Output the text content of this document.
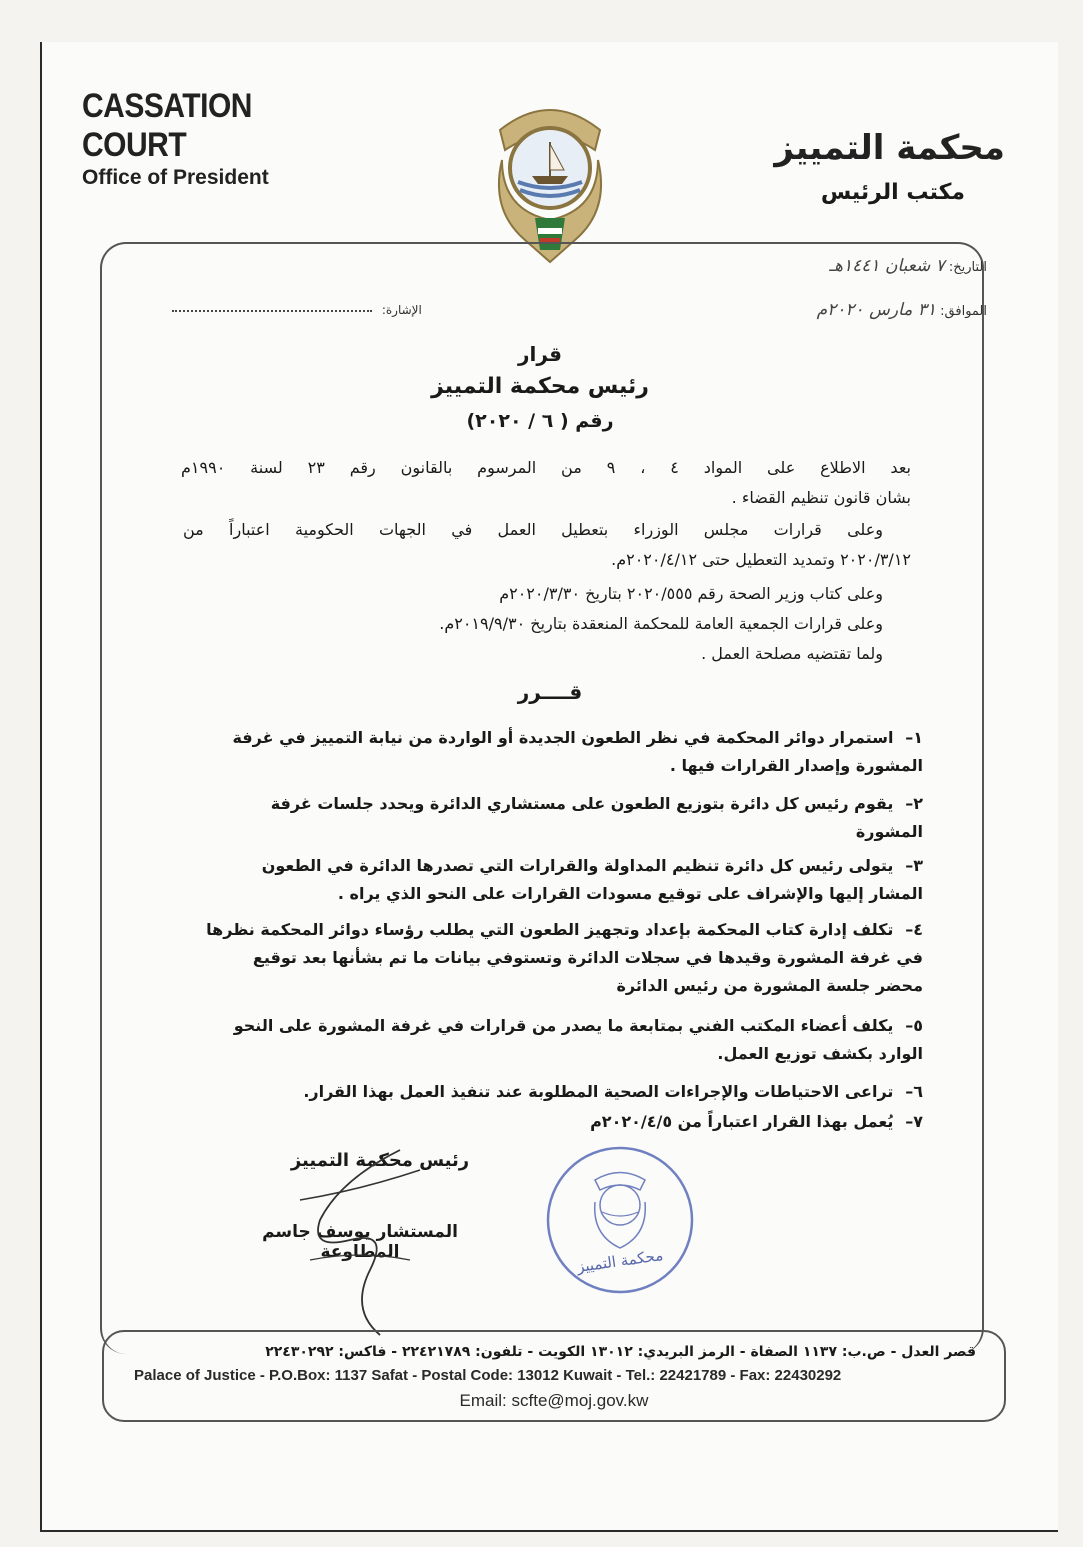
CASSATION COURT
Office of President
محكمة التمييز
مكتب الرئيس
التاريخ: ٧ شعبان ١٤٤١هـ
الموافق: ٣١ مارس ٢٠٢٠م
الإشارة:
قرار
رئيس محكمة التمييز
رقم ( ٦ / ٢٠٢٠)
بعد الاطلاع على المواد ٤ ، ٩ من المرسوم بالقانون رقم ٢٣ لسنة ١٩٩٠م
بشان قانون تنظيم القضاء .
وعلى قرارات مجلس الوزراء بتعطيل العمل في الجهات الحكومية اعتباراً من
٢٠٢٠/٣/١٢ وتمديد التعطيل حتى ٢٠٢٠/٤/١٢م.
وعلى كتاب وزير الصحة رقم ٢٠٢٠/٥٥٥ بتاريخ ٢٠٢٠/٣/٣٠م
وعلى قرارات الجمعية العامة للمحكمة المنعقدة بتاريخ ٢٠١٩/٩/٣٠م.
ولما تقتضيه مصلحة العمل .
قــــرر
١– استمرار دوائر المحكمة في نظر الطعون الجديدة أو الواردة من نيابة التمييز في غرفة المشورة وإصدار القرارات فيها .
٢– يقوم رئيس كل دائرة بتوزيع الطعون على مستشاري الدائرة ويحدد جلسات غرفة المشورة
٣– يتولى رئيس كل دائرة تنظيم المداولة والقرارات التي تصدرها الدائرة في الطعون المشار إليها والإشراف على توقيع مسودات القرارات على النحو الذي يراه .
٤– تكلف إدارة كتاب المحكمة بإعداد وتجهيز الطعون التي يطلب رؤساء دوائر المحكمة نظرها في غرفة المشورة وقيدها في سجلات الدائرة وتستوفي بيانات ما تم بشأنها بعد توقيع محضر جلسة المشورة من رئيس الدائرة
٥– يكلف أعضاء المكتب الفني بمتابعة ما يصدر من قرارات في غرفة المشورة على النحو الوارد بكشف توزيع العمل.
٦– تراعى الاحتياطات والإجراءات الصحية المطلوبة عند تنفيذ العمل بهذا القرار.
٧– يُعمل بهذا القرار اعتباراً من ٢٠٢٠/٤/٥م
رئيس محكمة التمييز
المستشار يوسف جاسم المطاوعة	محكمة التمييز
قصر العدل - ص.ب: ١١٣٧ الصفاة - الرمز البريدي: ١٣٠١٢ الكويت - تلفون: ٢٢٤٢١٧٨٩ - فاكس: ٢٢٤٣٠٢٩٢
Palace of Justice - P.O.Box: 1137 Safat - Postal Code: 13012 Kuwait - Tel.: 22421789 - Fax: 22430292
Email: scfte@moj.gov.kw
